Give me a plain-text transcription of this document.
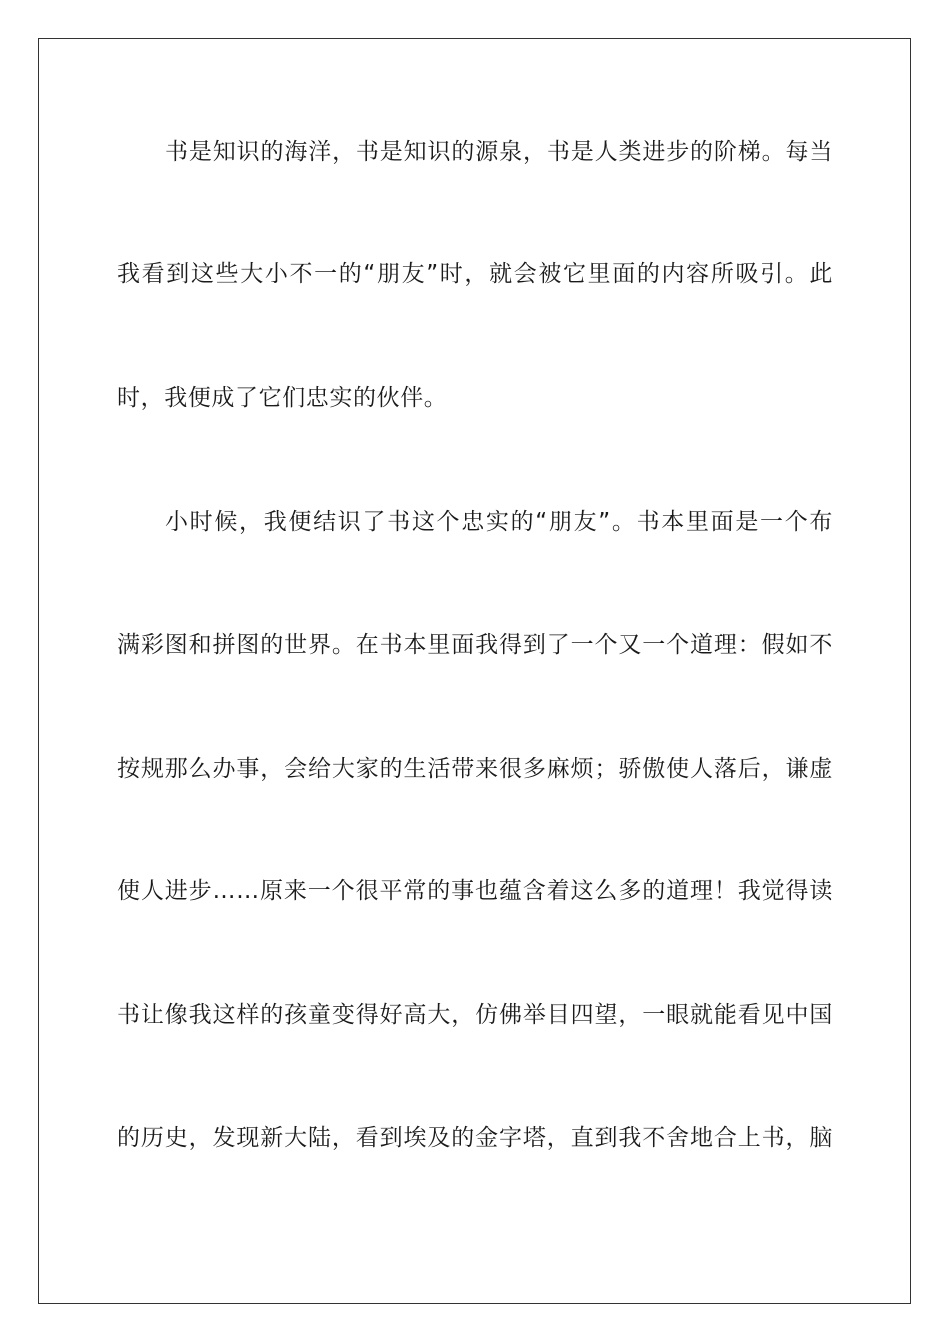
书是知识的海洋，书是知识的源泉，书是人类进步的阶梯。每当
我看到这些大小不一的“朋友”时，就会被它里面的内容所吸引。此
时，我便成了它们忠实的伙伴。
小时候，我便结识了书这个忠实的“朋友”。书本里面是一个布
满彩图和拼图的世界。在书本里面我得到了一个又一个道理：假如不
按规那么办事，会给大家的生活带来很多麻烦；骄傲使人落后，谦虚
使人进步……原来一个很平常的事也蕴含着这么多的道理！我觉得读
书让像我这样的孩童变得好高大，仿佛举目四望，一眼就能看见中国
的历史，发现新大陆，看到埃及的金字塔，直到我不舍地合上书，脑
